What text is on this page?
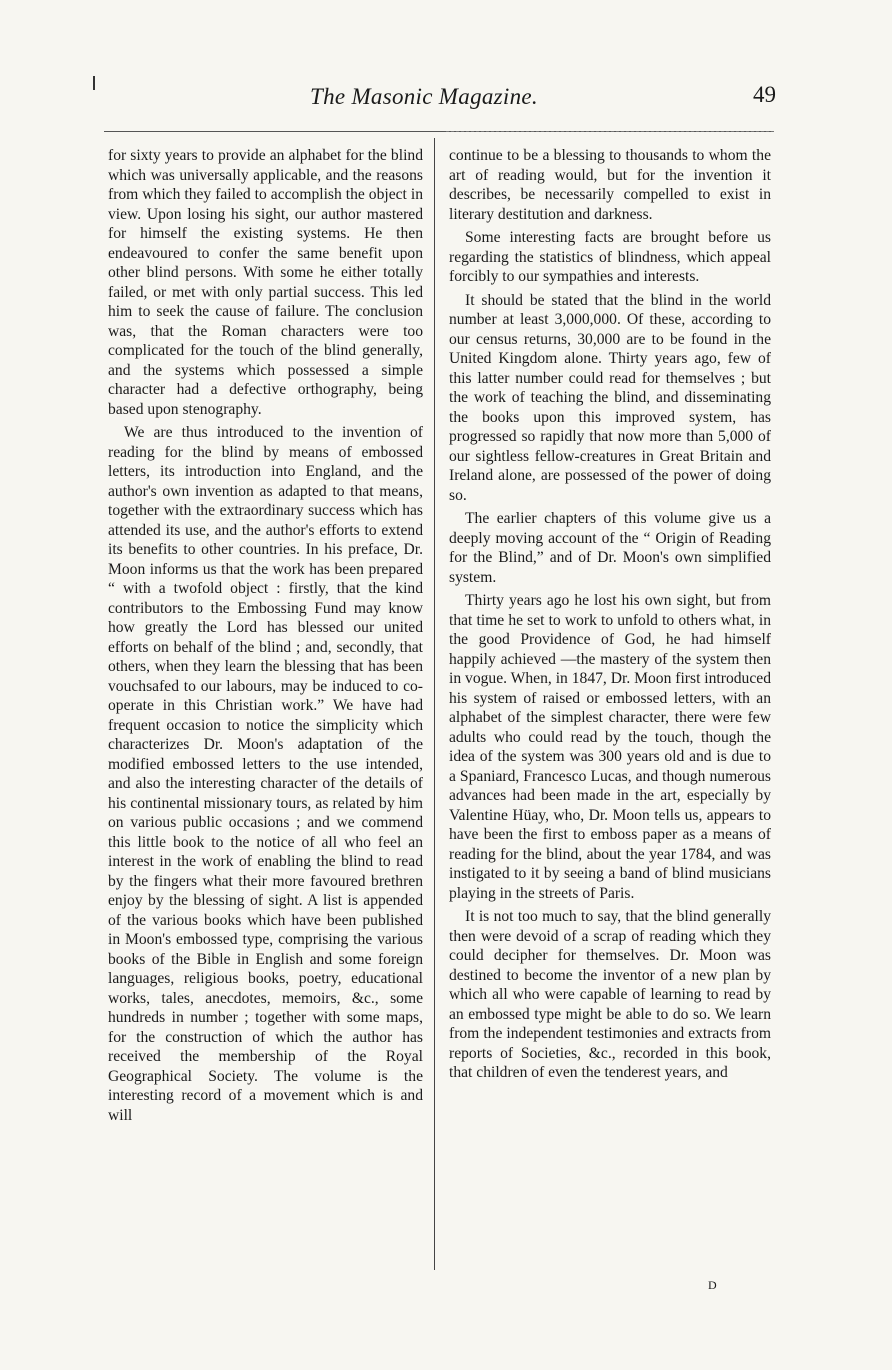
The Masonic Magazine.	49

for sixty years to provide an alphabet for the blind which was universally applicable, and the reasons from which they failed to accomplish the object in view. Upon losing his sight, our author mastered for himself the existing systems. He then endeavoured to confer the same benefit upon other blind persons. With some he either totally failed, or met with only partial success. This led him to seek the cause of failure. The conclusion was, that the Roman characters were too complicated for the touch of the blind generally, and the systems which possessed a simple character had a defective orthography, being based upon stenography.

We are thus introduced to the invention of reading for the blind by means of embossed letters, its introduction into England, and the author's own invention as adapted to that means, together with the extraordinary success which has attended its use, and the author's efforts to extend its benefits to other countries. In his preface, Dr. Moon informs us that the work has been prepared “ with a twofold object : firstly, that the kind contributors to the Embossing Fund may know how greatly the Lord has blessed our united efforts on behalf of the blind ; and, secondly, that others, when they learn the blessing that has been vouchsafed to our labours, may be induced to co-operate in this Christian work.” We have had frequent occasion to notice the simplicity which characterizes Dr. Moon's adaptation of the modified embossed letters to the use intended, and also the interesting character of the details of his continental missionary tours, as related by him on various public occasions ; and we commend this little book to the notice of all who feel an interest in the work of enabling the blind to read by the fingers what their more favoured brethren enjoy by the blessing of sight. A list is appended of the various books which have been published in Moon's embossed type, comprising the various books of the Bible in English and some foreign languages, religious books, poetry, educational works, tales, anecdotes, memoirs, &c., some hundreds in number ; together with some maps, for the construction of which the author has received the membership of the Royal Geographical Society. The volume is the interesting record of a movement which is and will

continue to be a blessing to thousands to whom the art of reading would, but for the invention it describes, be necessarily compelled to exist in literary destitution and darkness.

Some interesting facts are brought before us regarding the statistics of blindness, which appeal forcibly to our sympathies and interests.

It should be stated that the blind in the world number at least 3,000,000. Of these, according to our census returns, 30,000 are to be found in the United Kingdom alone. Thirty years ago, few of this latter number could read for themselves ; but the work of teaching the blind, and disseminating the books upon this improved system, has progressed so rapidly that now more than 5,000 of our sightless fellow-creatures in Great Britain and Ireland alone, are possessed of the power of doing so.

The earlier chapters of this volume give us a deeply moving account of the “ Origin of Reading for the Blind,” and of Dr. Moon's own simplified system.

Thirty years ago he lost his own sight, but from that time he set to work to unfold to others what, in the good Providence of God, he had himself happily achieved —the mastery of the system then in vogue. When, in 1847, Dr. Moon first introduced his system of raised or embossed letters, with an alphabet of the simplest character, there were few adults who could read by the touch, though the idea of the system was 300 years old and is due to a Spaniard, Francesco Lucas, and though numerous advances had been made in the art, especially by Valentine Hüay, who, Dr. Moon tells us, appears to have been the first to emboss paper as a means of reading for the blind, about the year 1784, and was instigated to it by seeing a band of blind musicians playing in the streets of Paris.

It is not too much to say, that the blind generally then were devoid of a scrap of reading which they could decipher for themselves. Dr. Moon was destined to become the inventor of a new plan by which all who were capable of learning to read by an embossed type might be able to do so. We learn from the independent testimonies and extracts from reports of Societies, &c., recorded in this book, that children of even the tenderest years, and

D
